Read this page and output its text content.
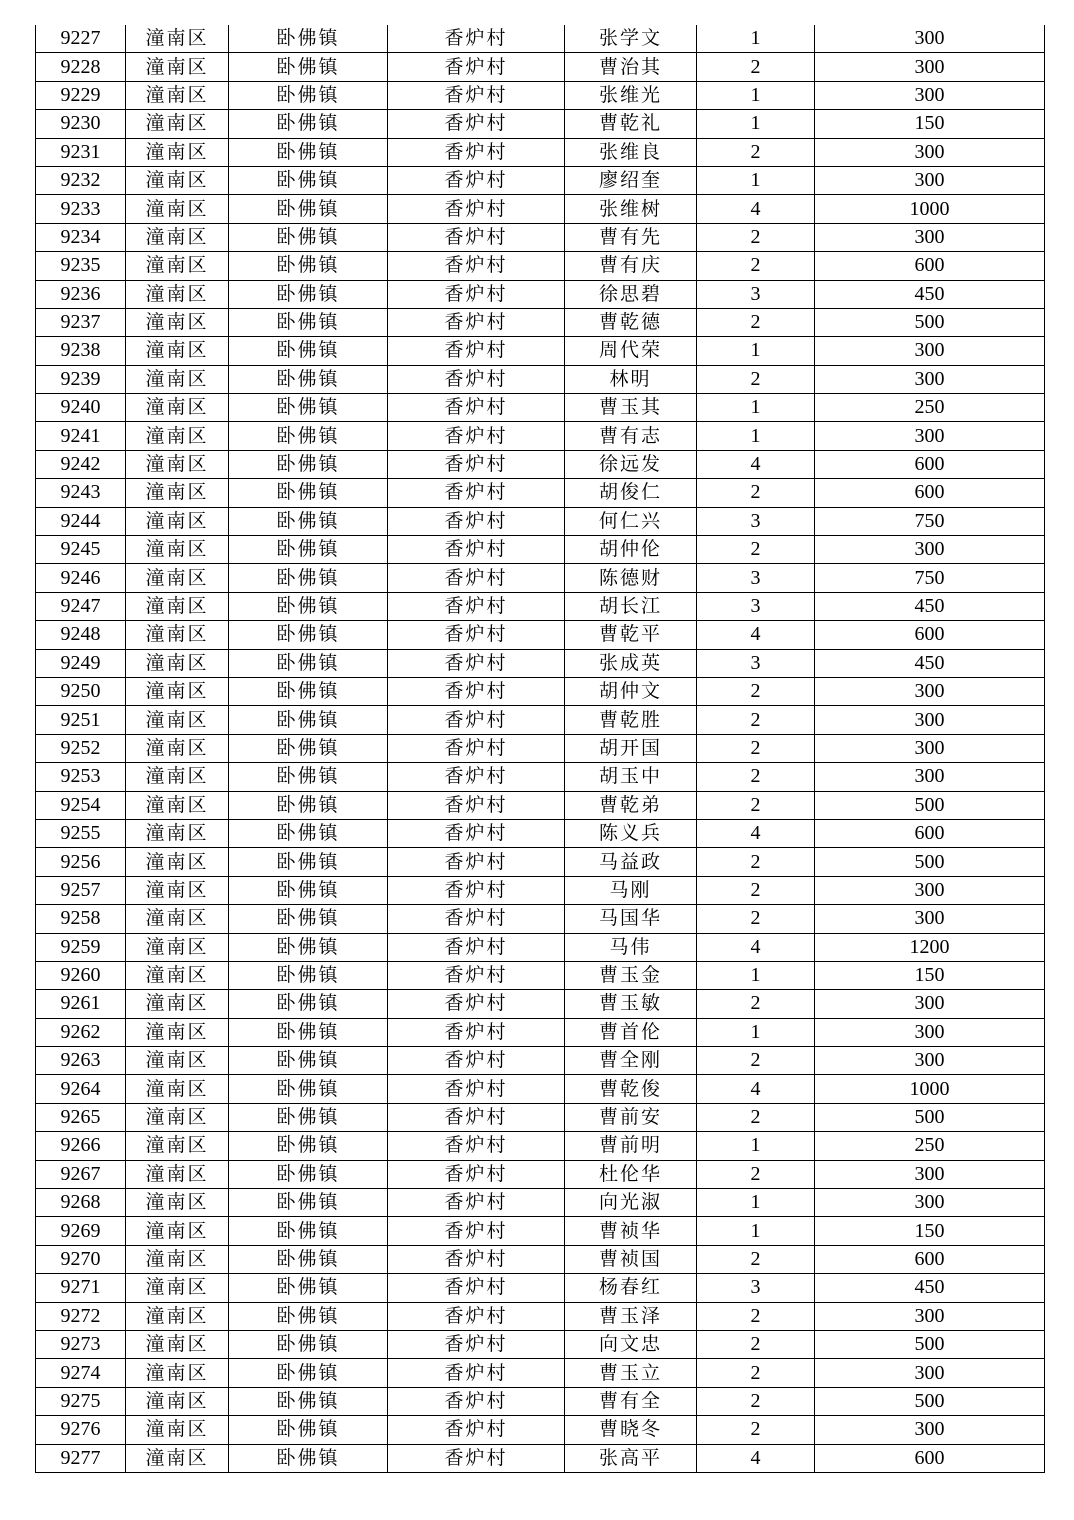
9227	潼南区	卧佛镇	香炉村	张学文	1	300
9228	潼南区	卧佛镇	香炉村	曹治其	2	300
9229	潼南区	卧佛镇	香炉村	张维光	1	300
9230	潼南区	卧佛镇	香炉村	曹乾礼	1	150
9231	潼南区	卧佛镇	香炉村	张维良	2	300
9232	潼南区	卧佛镇	香炉村	廖绍奎	1	300
9233	潼南区	卧佛镇	香炉村	张维树	4	1000
9234	潼南区	卧佛镇	香炉村	曹有先	2	300
9235	潼南区	卧佛镇	香炉村	曹有庆	2	600
9236	潼南区	卧佛镇	香炉村	徐思碧	3	450
9237	潼南区	卧佛镇	香炉村	曹乾德	2	500
9238	潼南区	卧佛镇	香炉村	周代荣	1	300
9239	潼南区	卧佛镇	香炉村	林明	2	300
9240	潼南区	卧佛镇	香炉村	曹玉其	1	250
9241	潼南区	卧佛镇	香炉村	曹有志	1	300
9242	潼南区	卧佛镇	香炉村	徐远发	4	600
9243	潼南区	卧佛镇	香炉村	胡俊仁	2	600
9244	潼南区	卧佛镇	香炉村	何仁兴	3	750
9245	潼南区	卧佛镇	香炉村	胡仲伦	2	300
9246	潼南区	卧佛镇	香炉村	陈德财	3	750
9247	潼南区	卧佛镇	香炉村	胡长江	3	450
9248	潼南区	卧佛镇	香炉村	曹乾平	4	600
9249	潼南区	卧佛镇	香炉村	张成英	3	450
9250	潼南区	卧佛镇	香炉村	胡仲文	2	300
9251	潼南区	卧佛镇	香炉村	曹乾胜	2	300
9252	潼南区	卧佛镇	香炉村	胡开国	2	300
9253	潼南区	卧佛镇	香炉村	胡玉中	2	300
9254	潼南区	卧佛镇	香炉村	曹乾弟	2	500
9255	潼南区	卧佛镇	香炉村	陈义兵	4	600
9256	潼南区	卧佛镇	香炉村	马益政	2	500
9257	潼南区	卧佛镇	香炉村	马刚	2	300
9258	潼南区	卧佛镇	香炉村	马国华	2	300
9259	潼南区	卧佛镇	香炉村	马伟	4	1200
9260	潼南区	卧佛镇	香炉村	曹玉金	1	150
9261	潼南区	卧佛镇	香炉村	曹玉敏	2	300
9262	潼南区	卧佛镇	香炉村	曹首伦	1	300
9263	潼南区	卧佛镇	香炉村	曹全刚	2	300
9264	潼南区	卧佛镇	香炉村	曹乾俊	4	1000
9265	潼南区	卧佛镇	香炉村	曹前安	2	500
9266	潼南区	卧佛镇	香炉村	曹前明	1	250
9267	潼南区	卧佛镇	香炉村	杜伦华	2	300
9268	潼南区	卧佛镇	香炉村	向光淑	1	300
9269	潼南区	卧佛镇	香炉村	曹祯华	1	150
9270	潼南区	卧佛镇	香炉村	曹祯国	2	600
9271	潼南区	卧佛镇	香炉村	杨春红	3	450
9272	潼南区	卧佛镇	香炉村	曹玉泽	2	300
9273	潼南区	卧佛镇	香炉村	向文忠	2	500
9274	潼南区	卧佛镇	香炉村	曹玉立	2	300
9275	潼南区	卧佛镇	香炉村	曹有全	2	500
9276	潼南区	卧佛镇	香炉村	曹晓冬	2	300
9277	潼南区	卧佛镇	香炉村	张高平	4	600
